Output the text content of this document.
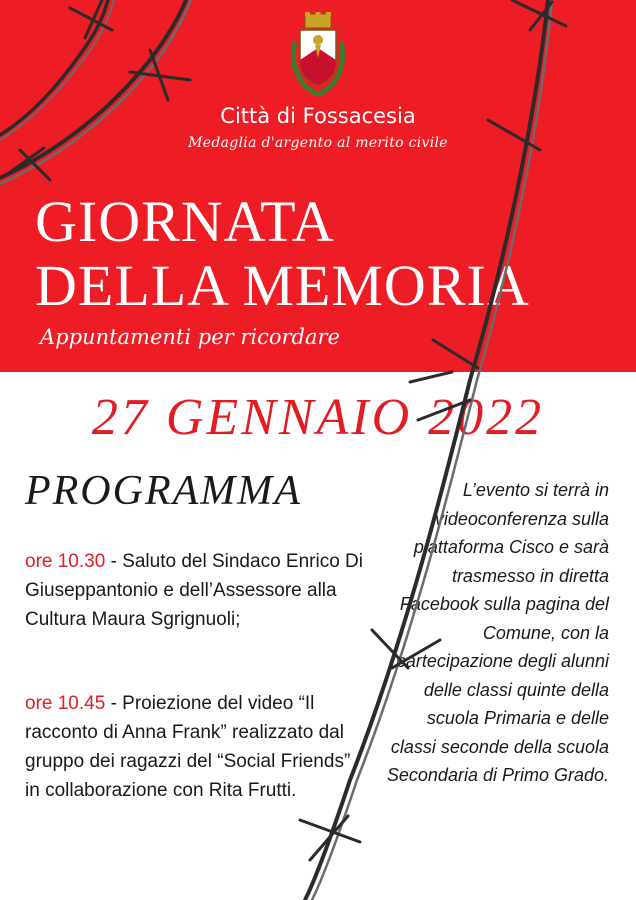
Città di Fossacesia
Medaglia d'argento al merito civile
GIORNATA
DELLA MEMORIA
Appuntamenti per ricordare
27 GENNAIO 2022
PROGRAMMA
ore 10.30 - Saluto del Sindaco Enrico Di Giuseppantonio e dell’Assessore alla Cultura Maura Sgrignuoli;
ore 10.45 - Proiezione del video “Il racconto di Anna Frank” realizzato dal gruppo dei ragazzi del “Social Friends” in collaborazione con Rita Frutti.
L’evento si terrà in videoconferenza sulla piattaforma Cisco e sarà trasmesso in diretta Facebook sulla pagina del Comune, con la partecipazione degli alunni delle classi quinte della scuola Primaria e delle classi seconde della scuola Secondaria di Primo Grado.
